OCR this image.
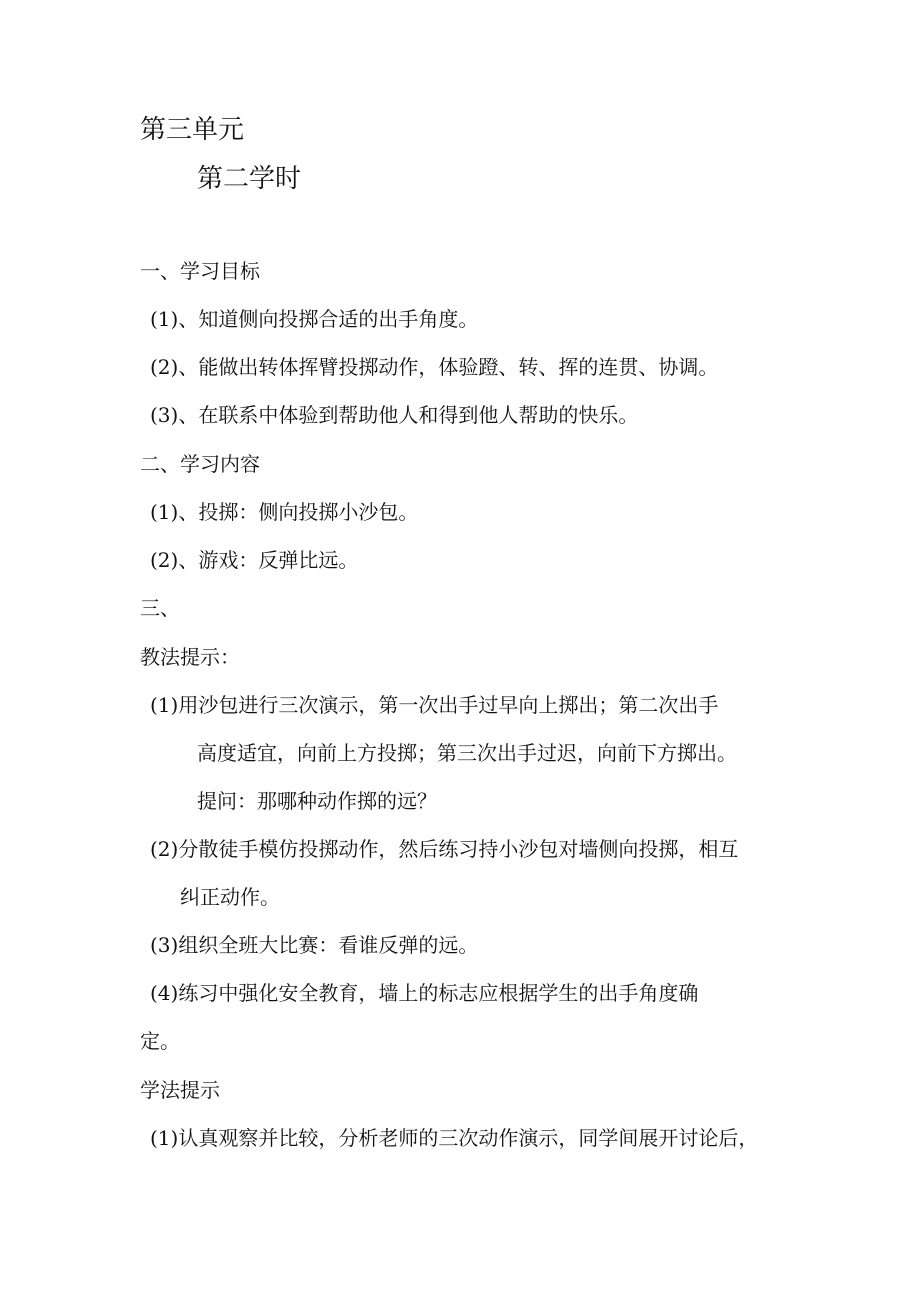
第三单元
第二学时
一、学习目标
(1)、知道侧向投掷合适的出手角度。
(2)、能做出转体挥臂投掷动作，体验蹬、转、挥的连贯、协调。
(3)、在联系中体验到帮助他人和得到他人帮助的快乐。
二、学习内容
(1)、投掷：侧向投掷小沙包。
(2)、游戏：反弹比远。
三、
教法提示：
(1)用沙包进行三次演示，第一次出手过早向上掷出；第二次出手
高度适宜，向前上方投掷；第三次出手过迟，向前下方掷出。
提问：那哪种动作掷的远？
(2)分散徒手模仿投掷动作，然后练习持小沙包对墙侧向投掷，相互
纠正动作。
(3)组织全班大比赛：看谁反弹的远。
(4)练习中强化安全教育，墙上的标志应根据学生的出手角度确
定。
学法提示
(1)认真观察并比较，分析老师的三次动作演示，同学间展开讨论后，
